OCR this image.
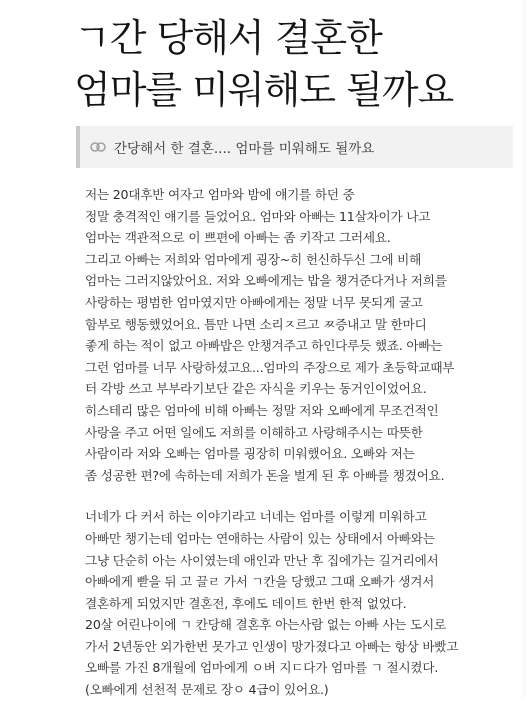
ㄱ간 당해서 결혼한
엄마를 미워해도 될까요
간당해서 한 결혼.... 엄마를 미워해도 될까요
저는 20대후반 여자고 엄마와 밤에 얘기를 하던 중
정말 충격적인 얘기를 들었어요. 엄마와 아빠는 11살차이가 나고
엄마는 객관적으로 이 쁘편에 아빠는 좀 키작고 그러세요.
그리고 아빠는 저희와 엄마에게 굉장~히 헌신하두신 그에 비해
엄마는 그러지않았어요. 저와 오빠에게는 밥을 챙겨준다거나 저희를
사랑하는 평범한 엄마였지만 아빠에게는 정말 너무 못되게 굴고
함부로 행동했었어요. 틈만 나면 소리ㅈ르고 ㅉ증내고 말 한마디
좋게 하는 적이 없고 아빠밥은 안챙겨주고 하인다루듯 했죠. 아빠는
그런 엄마를 너무 사랑하셨고요...엄마의 주장으로 제가 초등학교때부
터 각방 쓰고 부부라기보단 같은 자식을 키우는 동거인이었어요.
히스테리 많은 엄마에 비해 아빠는 정말 저와 오빠에게 무조건적인
사랑을 주고 어떤 일에도 저희를 이해하고 사랑해주시는 따뜻한
사람이라 저와 오빠는 엄마를 굉장히 미워했어요. 오빠와 저는
좀 성공한 편?에 속하는데 저희가 돈을 벌게 된 후 아빠를 챙겼어요.
너네가 다 커서 하는 이야기라고 너네는 엄마를 이렇게 미워하고
아빠만 챙기는데 엄마는 연애하는 사람이 있는 상태에서 아빠와는
그냥 단순히 아는 사이였는데 애인과 만난 후 집에가는 길거리에서
아빠에게 빧을 뒤 고 끌ㄹ 가서 ㄱ칸을 당했고 그때 오빠가 생겨서
결혼하게 되었지만 결혼전, 후에도 데이트 한번 한적 없었다.
20살 어린나이에 ㄱ 칸당해 결혼후 아는사람 없는 아빠 사는 도시로
가서 2년동안 외가한번 못가고 인생이 망가졌다고 아빠는 항상 바빴고
오빠를 가진 8개월에 엄마에게 ㅇ벼 지ㄷ다가 엄마를 ㄱ 절시켰다.
(오빠에게 선천적 문제로 장ㅇ 4급이 있어요.)
